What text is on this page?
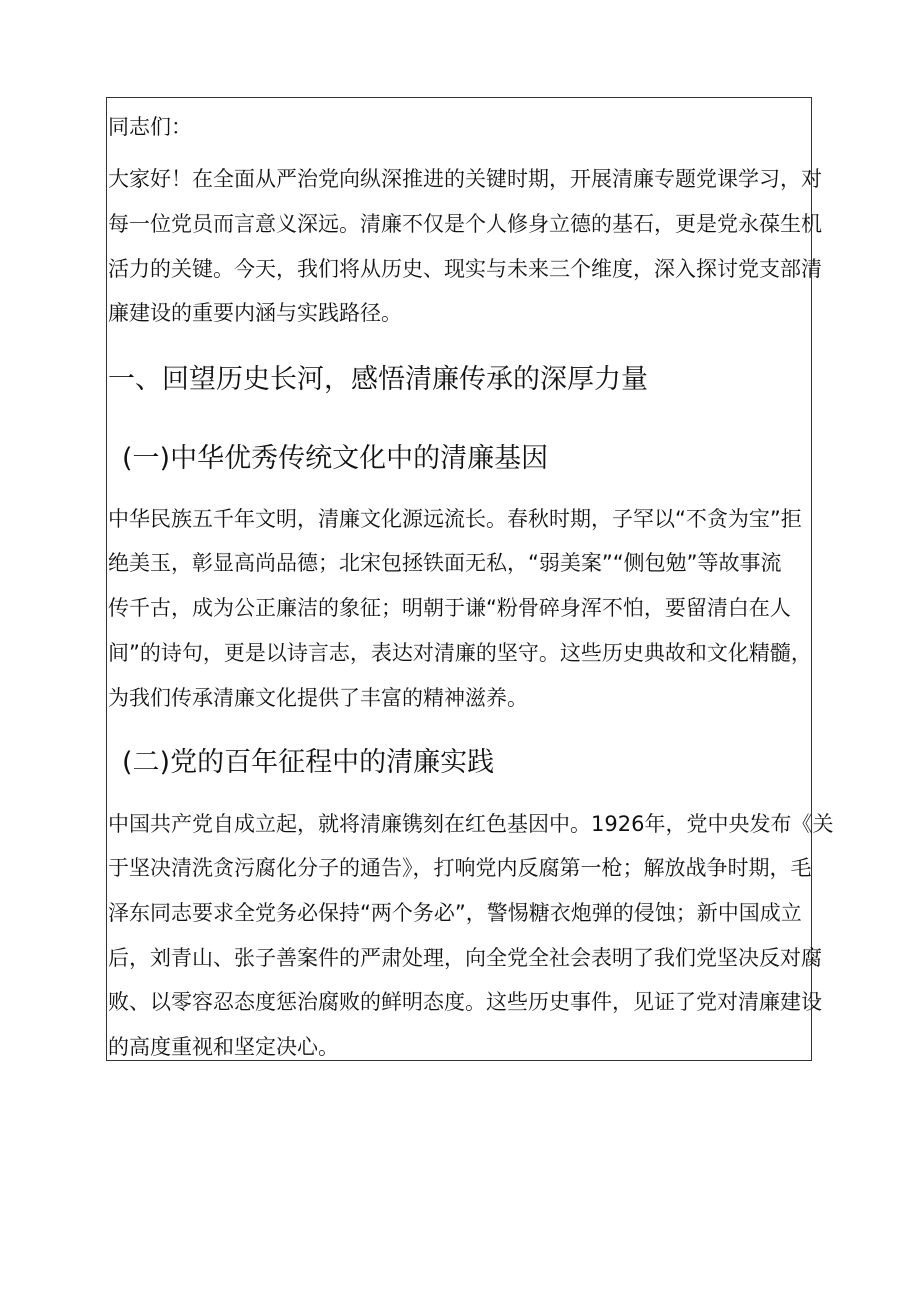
同志们：

大家好！在全面从严治党向纵深推进的关键时期，开展清廉专题党课学习，对

每一位党员而言意义深远。清廉不仅是个人修身立德的基石，更是党永葆生机

活力的关键。今天，我们将从历史、现实与未来三个维度，深入探讨党支部清

廉建设的重要内涵与实践路径。

一、回望历史长河，感悟清廉传承的深厚力量
(一)中华优秀传统文化中的清廉基因

中华民族五千年文明，清廉文化源远流长。春秋时期，子罕以“不贪为宝”拒

绝美玉，彰显高尚品德；北宋包拯铁面无私，“弱美案”“侧包勉”等故事流

传千古，成为公正廉洁的象征；明朝于谦“粉骨碎身浑不怕，要留清白在人

间”的诗句，更是以诗言志，表达对清廉的坚守。这些历史典故和文化精髓，

为我们传承清廉文化提供了丰富的精神滋养。

(二)党的百年征程中的清廉实践

中国共产党自成立起，就将清廉镌刻在红色基因中。1926年，党中央发布《关

于坚决清洗贪污腐化分子的通告》，打响党内反腐第一枪；解放战争时期，毛

泽东同志要求全党务必保持“两个务必”，警惕糖衣炮弹的侵蚀；新中国成立

后，刘青山、张子善案件的严肃处理，向全党全社会表明了我们党坚决反对腐

败、以零容忍态度惩治腐败的鲜明态度。这些历史事件，见证了党对清廉建设

的高度重视和坚定决心。
